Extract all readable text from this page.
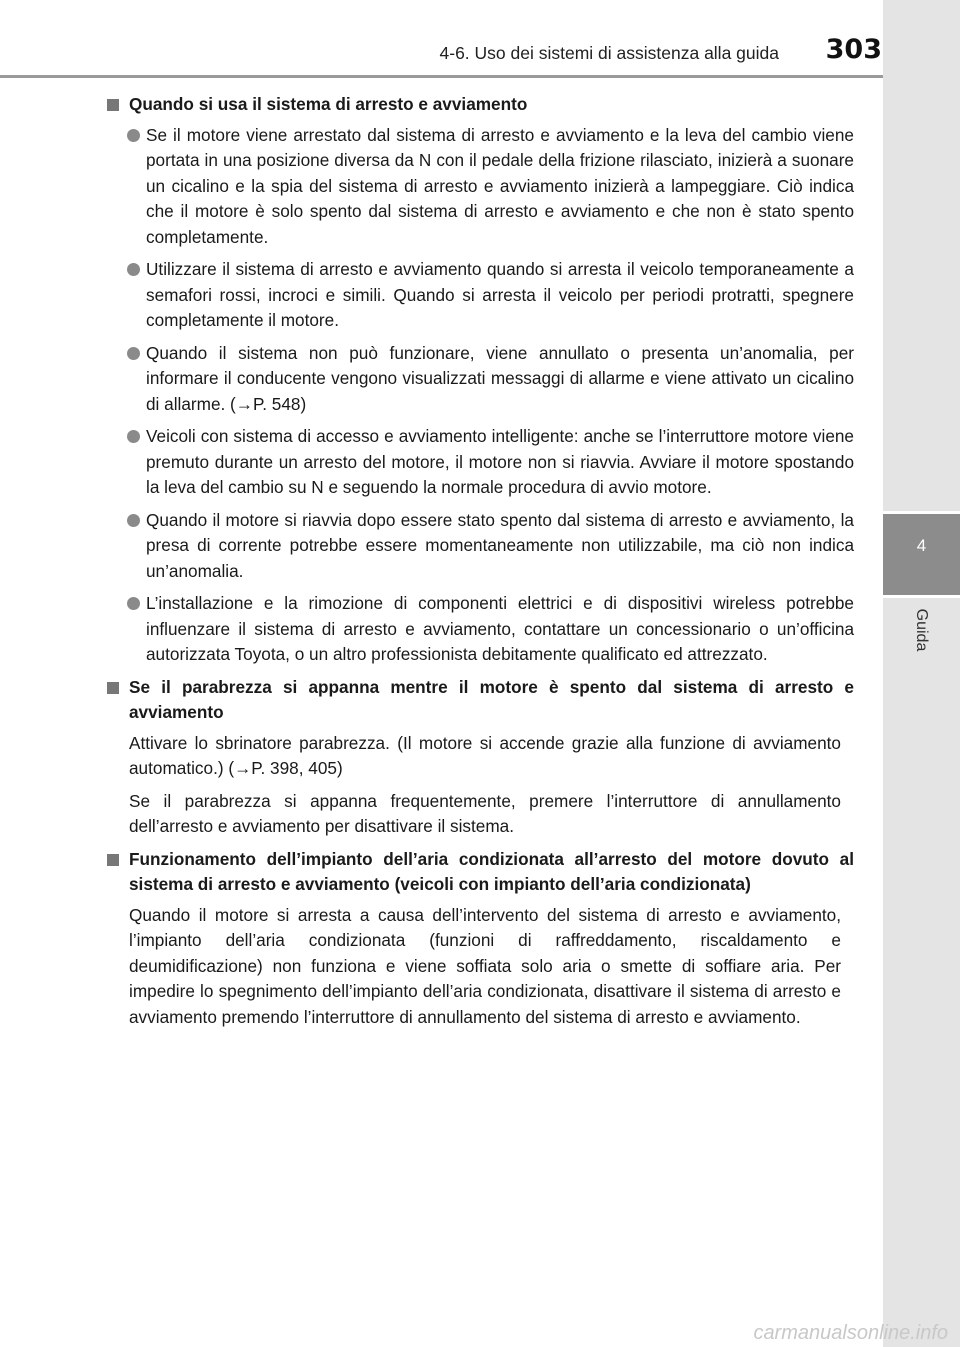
4-6. Uso dei sistemi di assistenza alla guida 303
4
Guida
Quando si usa il sistema di arresto e avviamento
Se il motore viene arrestato dal sistema di arresto e avviamento e la leva del cambio viene portata in una posizione diversa da N con il pedale della frizione rilasciato, inizierà a suonare un cicalino e la spia del sistema di arresto e avviamento inizierà a lampeggiare. Ciò indica che il motore è solo spento dal sistema di arresto e avviamento e che non è stato spento completamente.
Utilizzare il sistema di arresto e avviamento quando si arresta il veicolo temporaneamente a semafori rossi, incroci e simili. Quando si arresta il veicolo per periodi protratti, spegnere completamente il motore.
Quando il sistema non può funzionare, viene annullato o presenta un’anomalia, per informare il conducente vengono visualizzati messaggi di allarme e viene attivato un cicalino di allarme. (→P. 548)
Veicoli con sistema di accesso e avviamento intelligente: anche se l’interruttore motore viene premuto durante un arresto del motore, il motore non si riavvia. Avviare il motore spostando la leva del cambio su N e seguendo la normale procedura di avvio motore.
Quando il motore si riavvia dopo essere stato spento dal sistema di arresto e avviamento, la presa di corrente potrebbe essere momentaneamente non utilizzabile, ma ciò non indica un’anomalia.
L’installazione e la rimozione di componenti elettrici e di dispositivi wireless potrebbe influenzare il sistema di arresto e avviamento, contattare un concessionario o un’officina autorizzata Toyota, o un altro professionista debitamente qualificato ed attrezzato.
Se il parabrezza si appanna mentre il motore è spento dal sistema di arresto e avviamento
Attivare lo sbrinatore parabrezza. (Il motore si accende grazie alla funzione di avviamento automatico.) (→P. 398, 405)
Se il parabrezza si appanna frequentemente, premere l’interruttore di annullamento dell’arresto e avviamento per disattivare il sistema.
Funzionamento dell’impianto dell’aria condizionata all’arresto del motore dovuto al sistema di arresto e avviamento (veicoli con impianto dell’aria condizionata)
Quando il motore si arresta a causa dell’intervento del sistema di arresto e avviamento, l’impianto dell’aria condizionata (funzioni di raffreddamento, riscaldamento e deumidificazione) non funziona e viene soffiata solo aria o smette di soffiare aria. Per impedire lo spegnimento dell’impianto dell’aria condizionata, disattivare il sistema di arresto e avviamento premendo l’interruttore di annullamento del sistema di arresto e avviamento.
carmanualsonline.info
